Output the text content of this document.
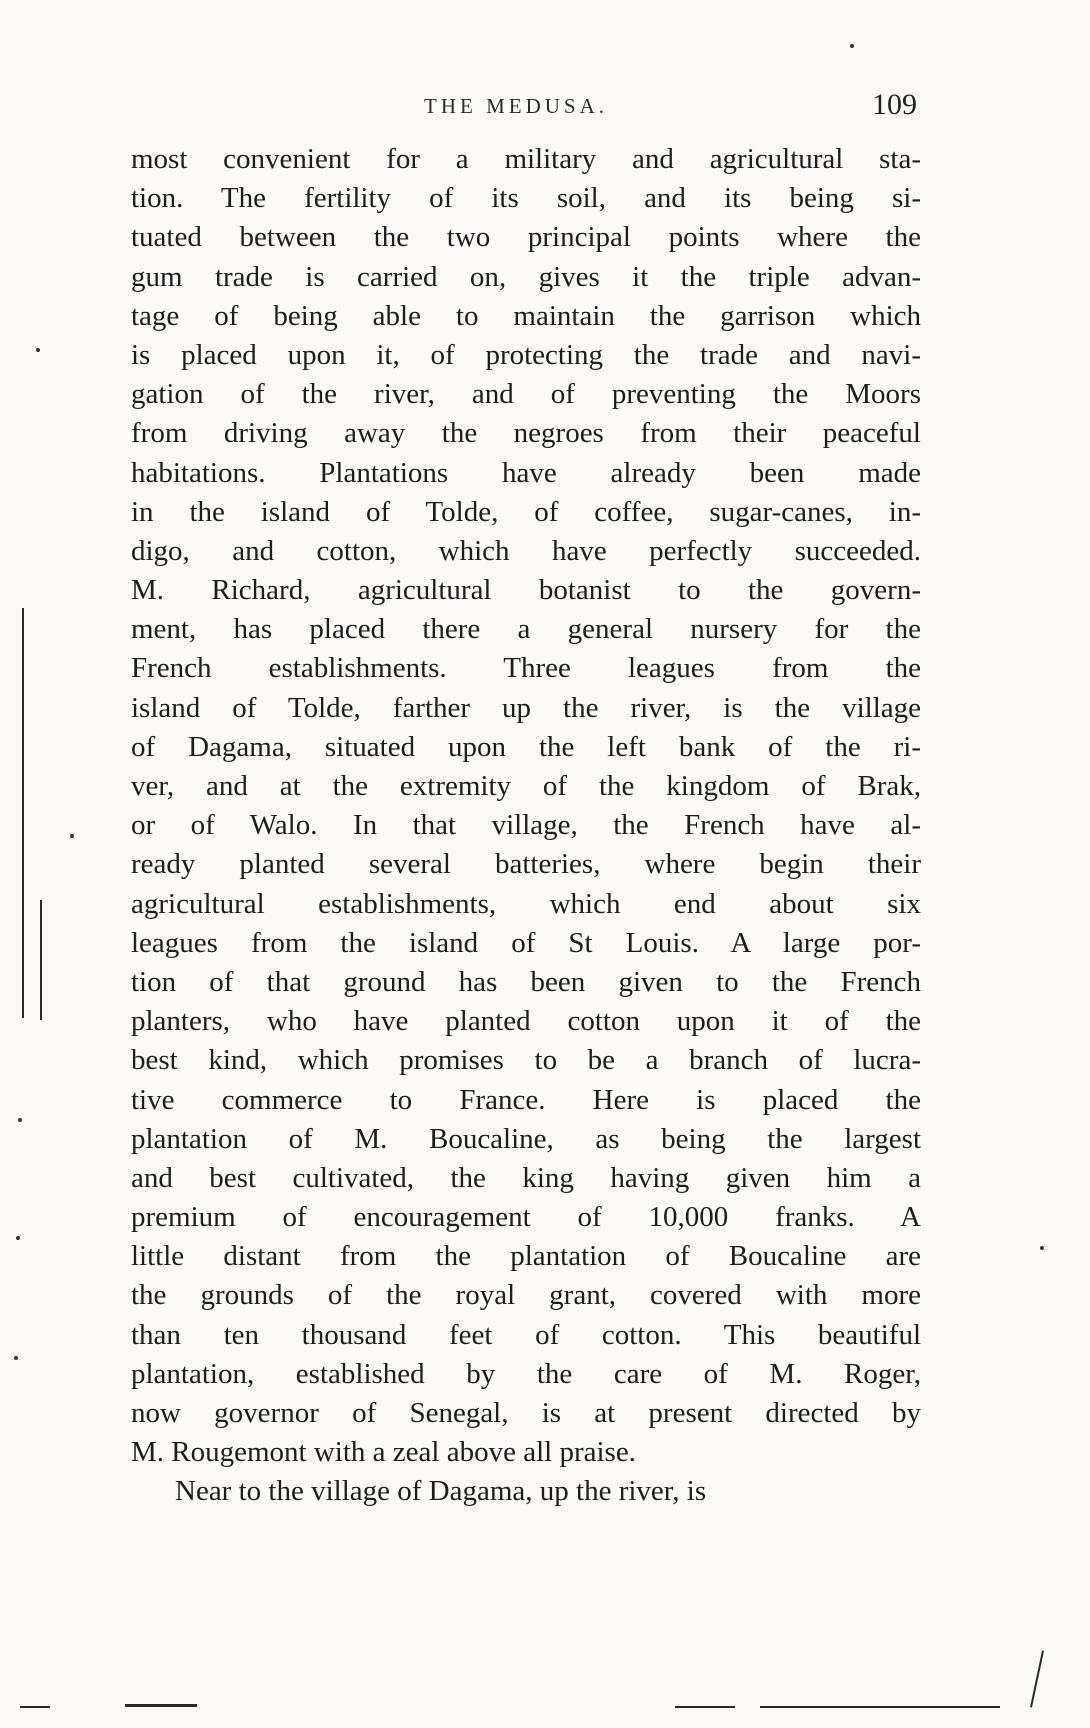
THE MEDUSA.	109
most convenient for a military and agricultural sta-
tion. The fertility of its soil, and its being si-
tuated between the two principal points where the
gum trade is carried on, gives it the triple advan-
tage of being able to maintain the garrison which
is placed upon it, of protecting the trade and navi-
gation of the river, and of preventing the Moors
from driving away the negroes from their peaceful
habitations. Plantations have already been made
in the island of Tolde, of coffee, sugar-canes, in-
digo, and cotton, which have perfectly succeeded.
M. Richard, agricultural botanist to the govern-
ment, has placed there a general nursery for the
French establishments. Three leagues from the
island of Tolde, farther up the river, is the village
of Dagama, situated upon the left bank of the ri-
ver, and at the extremity of the kingdom of Brak,
or of Walo. In that village, the French have al-
ready planted several batteries, where begin their
agricultural establishments, which end about six
leagues from the island of St Louis. A large por-
tion of that ground has been given to the French
planters, who have planted cotton upon it of the
best kind, which promises to be a branch of lucra-
tive commerce to France. Here is placed the
plantation of M. Boucaline, as being the largest
and best cultivated, the king having given him a
premium of encouragement of 10,000 franks. A
little distant from the plantation of Boucaline are
the grounds of the royal grant, covered with more
than ten thousand feet of cotton. This beautiful
plantation, established by the care of M. Roger,
now governor of Senegal, is at present directed by
M. Rougemont with a zeal above all praise.
Near to the village of Dagama, up the river, is
